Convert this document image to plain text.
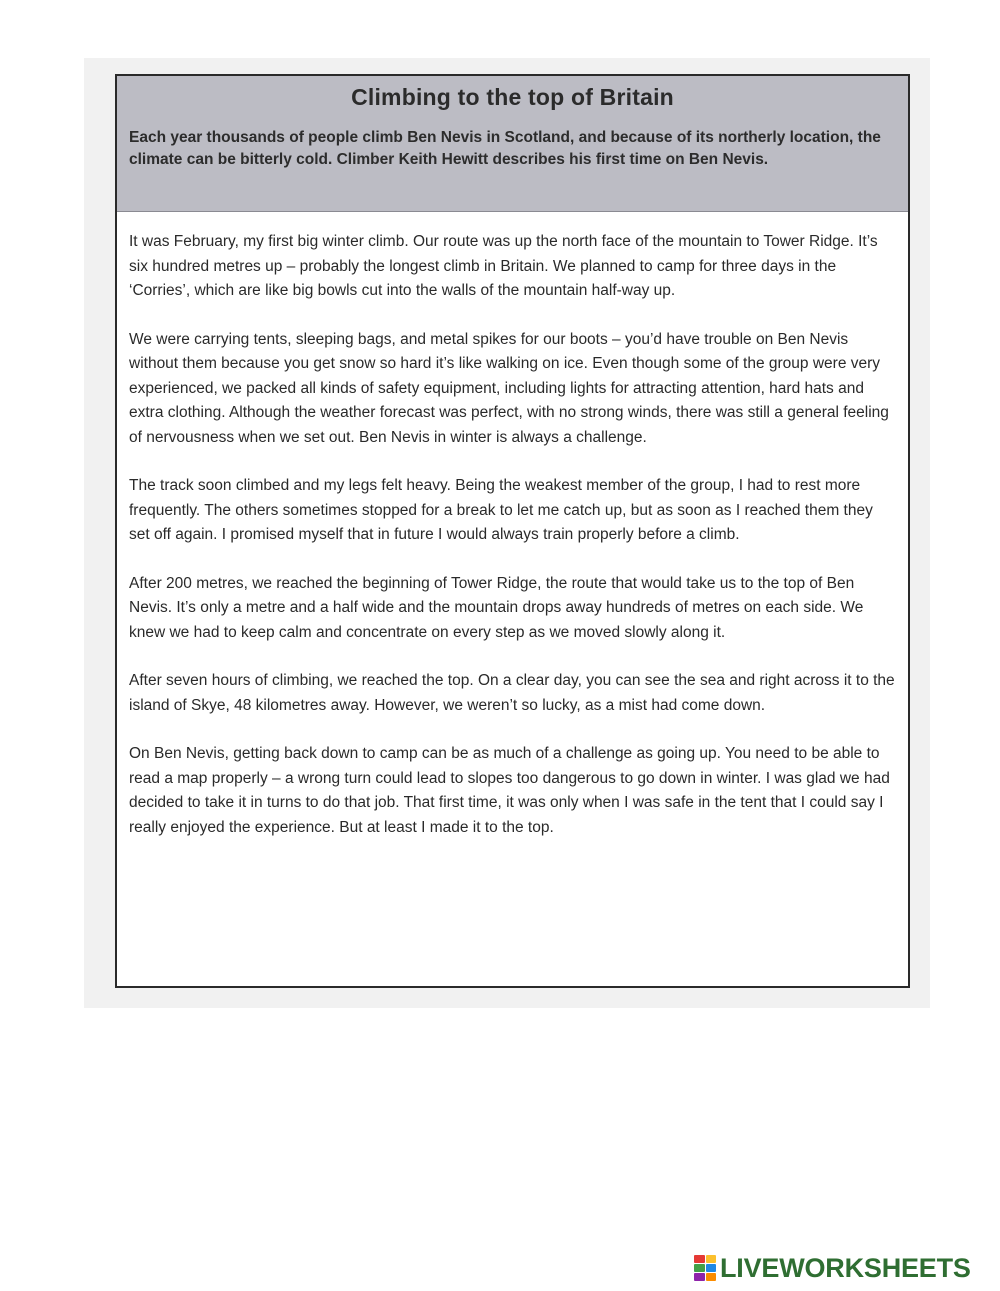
Climbing to the top of Britain

Each year thousands of people climb Ben Nevis in Scotland, and because of its northerly location, the climate can be bitterly cold. Climber Keith Hewitt describes his first time on Ben Nevis.

It was February, my first big winter climb. Our route was up the north face of the mountain to Tower Ridge. It’s six hundred metres up – probably the longest climb in Britain. We planned to camp for three days in the ‘Corries’, which are like big bowls cut into the walls of the mountain half-way up.

We were carrying tents, sleeping bags, and metal spikes for our boots – you’d have trouble on Ben Nevis without them because you get snow so hard it’s like walking on ice. Even though some of the group were very experienced, we packed all kinds of safety equipment, including lights for attracting attention, hard hats and extra clothing. Although the weather forecast was perfect, with no strong winds, there was still a general feeling of nervousness when we set out. Ben Nevis in winter is always a challenge.

The track soon climbed and my legs felt heavy. Being the weakest member of the group, I had to rest more frequently. The others sometimes stopped for a break to let me catch up, but as soon as I reached them they set off again. I promised myself that in future I would always train properly before a climb.

After 200 metres, we reached the beginning of Tower Ridge, the route that would take us to the top of Ben Nevis. It’s only a metre and a half wide and the mountain drops away hundreds of metres on each side. We knew we had to keep calm and concentrate on every step as we moved slowly along it.

After seven hours of climbing, we reached the top. On a clear day, you can see the sea and right across it to the island of Skye, 48 kilometres away. However, we weren’t so lucky, as a mist had come down.

On Ben Nevis, getting back down to camp can be as much of a challenge as going up. You need to be able to read a map properly – a wrong turn could lead to slopes too dangerous to go down in winter. I was glad we had decided to take it in turns to do that job. That first time, it was only when I was safe in the tent that I could say I really enjoyed the experience. But at least I made it to the top.

LIVEWORKSHEETS
